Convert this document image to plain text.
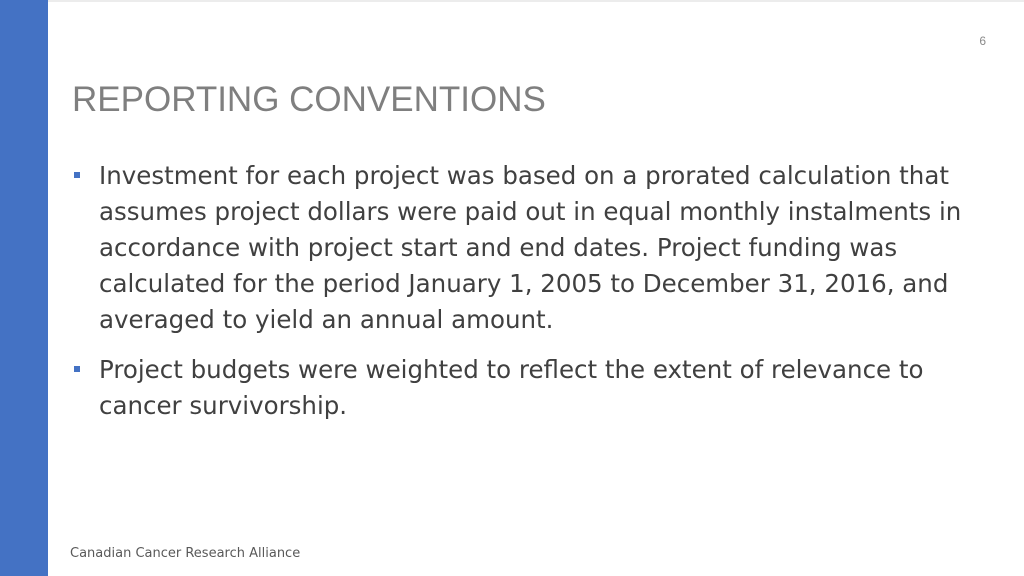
6
REPORTING CONVENTIONS
Investment for each project was based on a prorated calculation that assumes project dollars were paid out in equal monthly instalments in accordance with project start and end dates. Project funding was calculated for the period January 1, 2005 to December 31, 2016, and averaged to yield an annual amount.
Project budgets were weighted to reflect the extent of relevance to cancer survivorship.
Canadian Cancer Research Alliance
